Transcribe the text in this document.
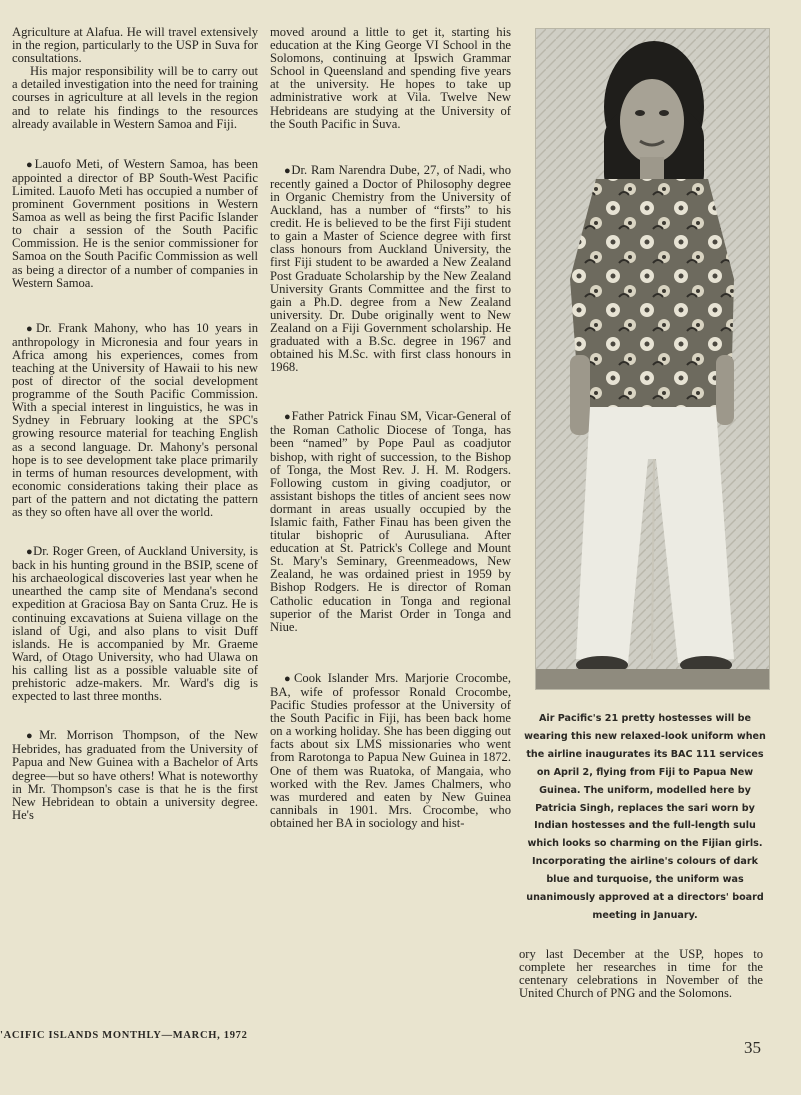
Agriculture at Alafua. He will travel extensively in the region, particularly to the USP in Suva for consultations.

His major responsibility will be to carry out a detailed investigation into the need for training courses in agriculture at all levels in the region and to relate his findings to the resources already available in Western Samoa and Fiji.

● Lauofo Meti, of Western Samoa, has been appointed a director of BP South-West Pacific Limited. Lauofo Meti has occupied a number of prominent Government positions in Western Samoa as well as being the first Pacific Islander to chair a session of the South Pacific Commission. He is the senior commissioner for Samoa on the South Pacific Commission as well as being a director of a number of companies in Western Samoa.

● Dr. Frank Mahony, who has 10 years in anthropology in Micronesia and four years in Africa among his experiences, comes from teaching at the University of Hawaii to his new post of director of the social development programme of the South Pacific Commission. With a special interest in linguistics, he was in Sydney in February looking at the SPC's growing resource material for teaching English as a second language. Dr. Mahony's personal hope is to see development take place primarily in terms of human resources development, with economic considerations taking their place as part of the pattern and not dictating the pattern as they so often have all over the world.

● Dr. Roger Green, of Auckland University, is back in his hunting ground in the BSIP, scene of his archaeological discoveries last year when he unearthed the camp site of Mendana's second expedition at Graciosa Bay on Santa Cruz. He is continuing excavations at Suiena village on the island of Ugi, and also plans to visit Duff islands. He is accompanied by Mr. Graeme Ward, of Otago University, who had Ulawa on his calling list as a possible valuable site of prehistoric adze-makers. Mr. Ward's dig is expected to last three months.

● Mr. Morrison Thompson, of the New Hebrides, has graduated from the University of Papua and New Guinea with a Bachelor of Arts degree—but so have others! What is noteworthy in Mr. Thompson's case is that he is the first New Hebridean to obtain a university degree. He's

moved around a little to get it, starting his education at the King George VI School in the Solomons, continuing at Ipswich Grammar School in Queensland and spending five years at the university. He hopes to take up administrative work at Vila. Twelve New Hebrideans are studying at the University of the South Pacific in Suva.

● Dr. Ram Narendra Dube, 27, of Nadi, who recently gained a Doctor of Philosophy degree in Organic Chemistry from the University of Auckland, has a number of “firsts” to his credit. He is believed to be the first Fiji student to gain a Master of Science degree with first class honours from Auckland University, the first Fiji student to be awarded a New Zealand Post Graduate Scholarship by the New Zealand University Grants Committee and the first to gain a Ph.D. degree from a New Zealand university. Dr. Dube originally went to New Zealand on a Fiji Government scholarship. He graduated with a B.Sc. degree in 1967 and obtained his M.Sc. with first class honours in 1968.

● Father Patrick Finau SM, Vicar-General of the Roman Catholic Diocese of Tonga, has been “named” by Pope Paul as coadjutor bishop, with right of succession, to the Bishop of Tonga, the Most Rev. J. H. M. Rodgers. Following custom in giving coadjutor, or assistant bishops the titles of ancient sees now dormant in areas usually occupied by the Islamic faith, Father Finau has been given the titular bishopric of Aurusuliana. After education at St. Patrick's College and Mount St. Mary's Seminary, Greenmeadows, New Zealand, he was ordained priest in 1959 by Bishop Rodgers. He is director of Roman Catholic education in Tonga and regional superior of the Marist Order in Tonga and Niue.

● Cook Islander Mrs. Marjorie Crocombe, BA, wife of professor Ronald Crocombe, Pacific Studies professor at the University of the South Pacific in Fiji, has been back home on a working holiday. She has been digging out facts about six LMS missionaries who went from Rarotonga to Papua New Guinea in 1872. One of them was Ruatoka, of Mangaia, who worked with the Rev. James Chalmers, who was murdered and eaten by New Guinea cannibals in 1901. Mrs. Crocombe, who obtained her BA in sociology and hist-

Air Pacific's 21 pretty hostesses will be wearing this new relaxed-look uniform when the airline inaugurates its BAC 111 services on April 2, flying from Fiji to Papua New Guinea. The uniform, modelled here by Patricia Singh, replaces the sari worn by Indian hostesses and the full-length sulu which looks so charming on the Fijian girls. Incorporating the airline's colours of dark blue and turquoise, the uniform was unanimously approved at a directors' board meeting in January.

ory last December at the USP, hopes to complete her researches in time for the centenary celebrations in November of the United Church of PNG and the Solomons.

'ACIFIC ISLANDS MONTHLY—MARCH, 1972
35
